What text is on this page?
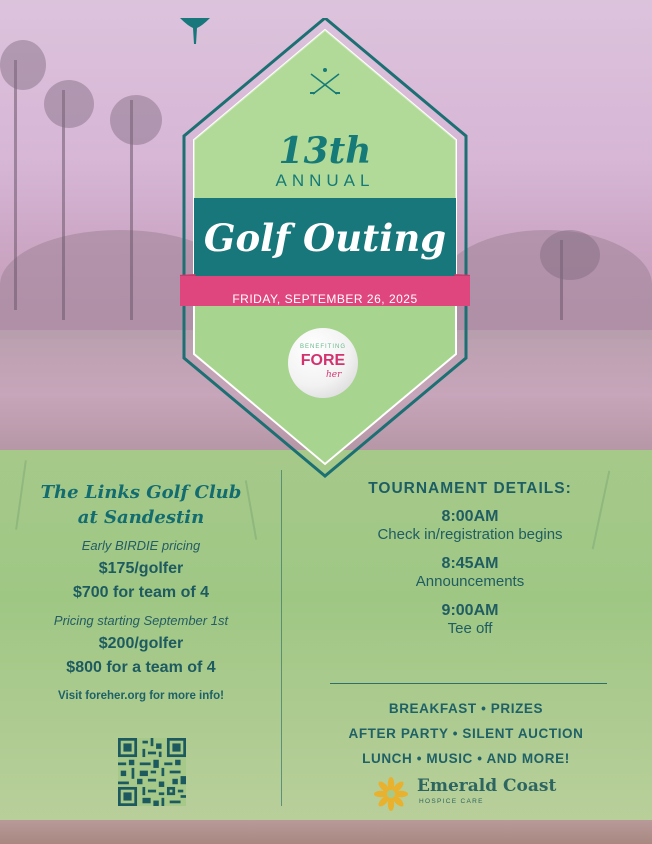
13th
ANNUAL
Golf Outing
FRIDAY, SEPTEMBER 26, 2025
BENEFITING
FORE
her

The Links Golf Club
at Sandestin

Early BIRDIE pricing
$175/golfer
$700 for team of 4
Pricing starting September 1st
$200/golfer
$800 for a team of 4
Visit foreher.org for more info!
TOURNAMENT DETAILS:
8:00AM
Check in/registration begins
8:45AM
Announcements
9:00AM
Tee off
BREAKFAST • PRIZES
AFTER PARTY • SILENT AUCTION
LUNCH • MUSIC • AND MORE!
Emerald Coast
HOSPICE CARE
